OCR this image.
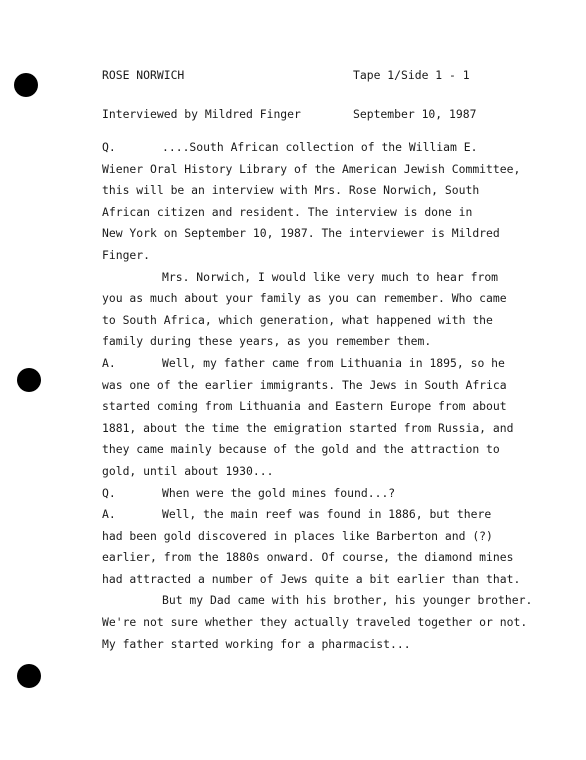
ROSE NORWICH

Interviewed by Mildred Finger

Tape 1/Side 1 - 1

September 10, 1987

Q.	....South African collection of the William E.
Wiener Oral History Library of the American Jewish Committee,
this will be an interview with Mrs. Rose Norwich, South
African citizen and resident. The interview is done in
New York on September 10, 1987. The interviewer is Mildred
Finger.
Mrs. Norwich, I would like very much to hear from
you as much about your family as you can remember. Who came
to South Africa, which generation, what happened with the
family during these years, as you remember them.
A.	Well, my father came from Lithuania in 1895, so he
was one of the earlier immigrants. The Jews in South Africa
started coming from Lithuania and Eastern Europe from about
1881, about the time the emigration started from Russia, and
they came mainly because of the gold and the attraction to
gold, until about 1930...
Q.	When were the gold mines found...?
A.	Well, the main reef was found in 1886, but there
had been gold discovered in places like Barberton and (?)
earlier, from the 1880s onward. Of course, the diamond mines
had attracted a number of Jews quite a bit earlier than that.
But my Dad came with his brother, his younger brother.
We're not sure whether they actually traveled together or not.
My father started working for a pharmacist...
